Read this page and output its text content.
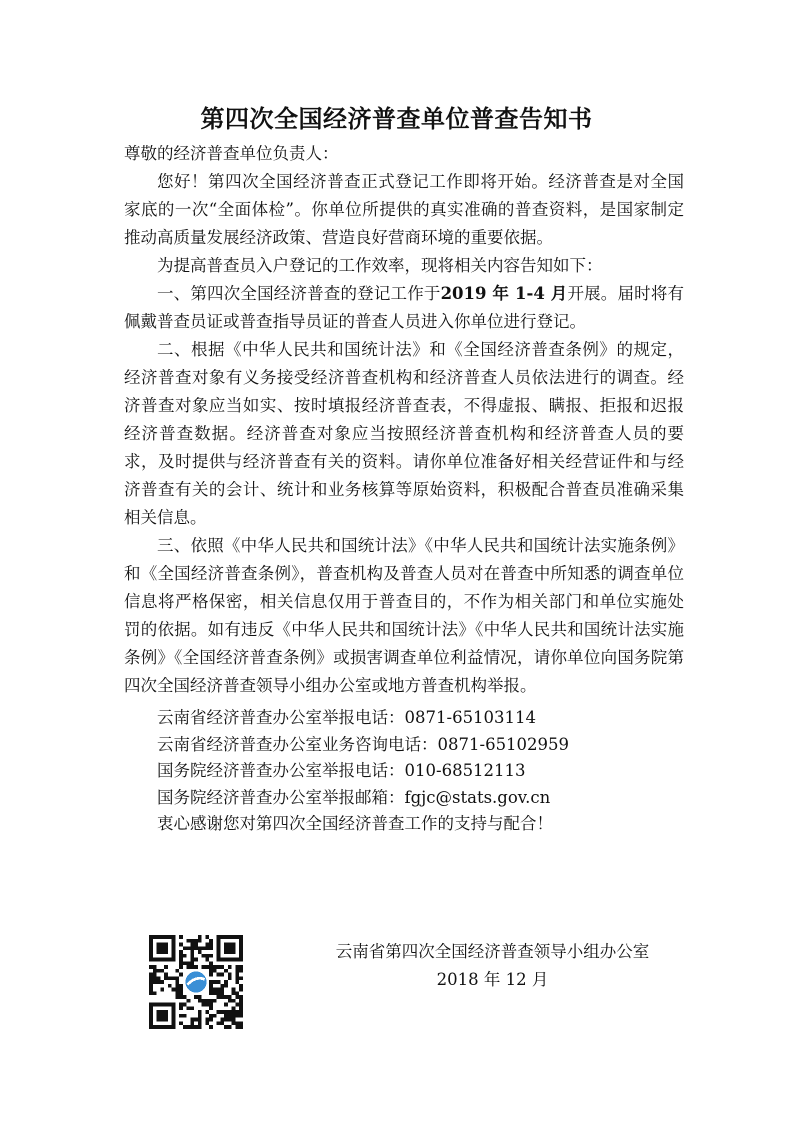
第四次全国经济普查单位普查告知书

尊敬的经济普查单位负责人：

您好！第四次全国经济普查正式登记工作即将开始。经济普查是对全国家底的一次“全面体检”。你单位所提供的真实准确的普查资料，是国家制定推动高质量发展经济政策、营造良好营商环境的重要依据。

为提高普查员入户登记的工作效率，现将相关内容告知如下：

一、第四次全国经济普查的登记工作于2019 年 1-4 月开展。届时将有佩戴普查员证或普查指导员证的普查人员进入你单位进行登记。

二、根据《中华人民共和国统计法》和《全国经济普查条例》的规定，经济普查对象有义务接受经济普查机构和经济普查人员依法进行的调查。经济普查对象应当如实、按时填报经济普查表，不得虚报、瞒报、拒报和迟报经济普查数据。经济普查对象应当按照经济普查机构和经济普查人员的要求，及时提供与经济普查有关的资料。请你单位准备好相关经营证件和与经济普查有关的会计、统计和业务核算等原始资料，积极配合普查员准确采集相关信息。

三、依照《中华人民共和国统计法》《中华人民共和国统计法实施条例》和《全国经济普查条例》，普查机构及普查人员对在普查中所知悉的调查单位信息将严格保密，相关信息仅用于普查目的，不作为相关部门和单位实施处罚的依据。如有违反《中华人民共和国统计法》《中华人民共和国统计法实施条例》《全国经济普查条例》或损害调查单位利益情况，请你单位向国务院第四次全国经济普查领导小组办公室或地方普查机构举报。

云南省经济普查办公室举报电话：0871-65103114

云南省经济普查办公室业务咨询电话：0871-65102959

国务院经济普查办公室举报电话：010-68512113

国务院经济普查办公室举报邮箱：fgjc@stats.gov.cn

衷心感谢您对第四次全国经济普查工作的支持与配合！

云南省第四次全国经济普查领导小组办公室

2018 年 12 月
